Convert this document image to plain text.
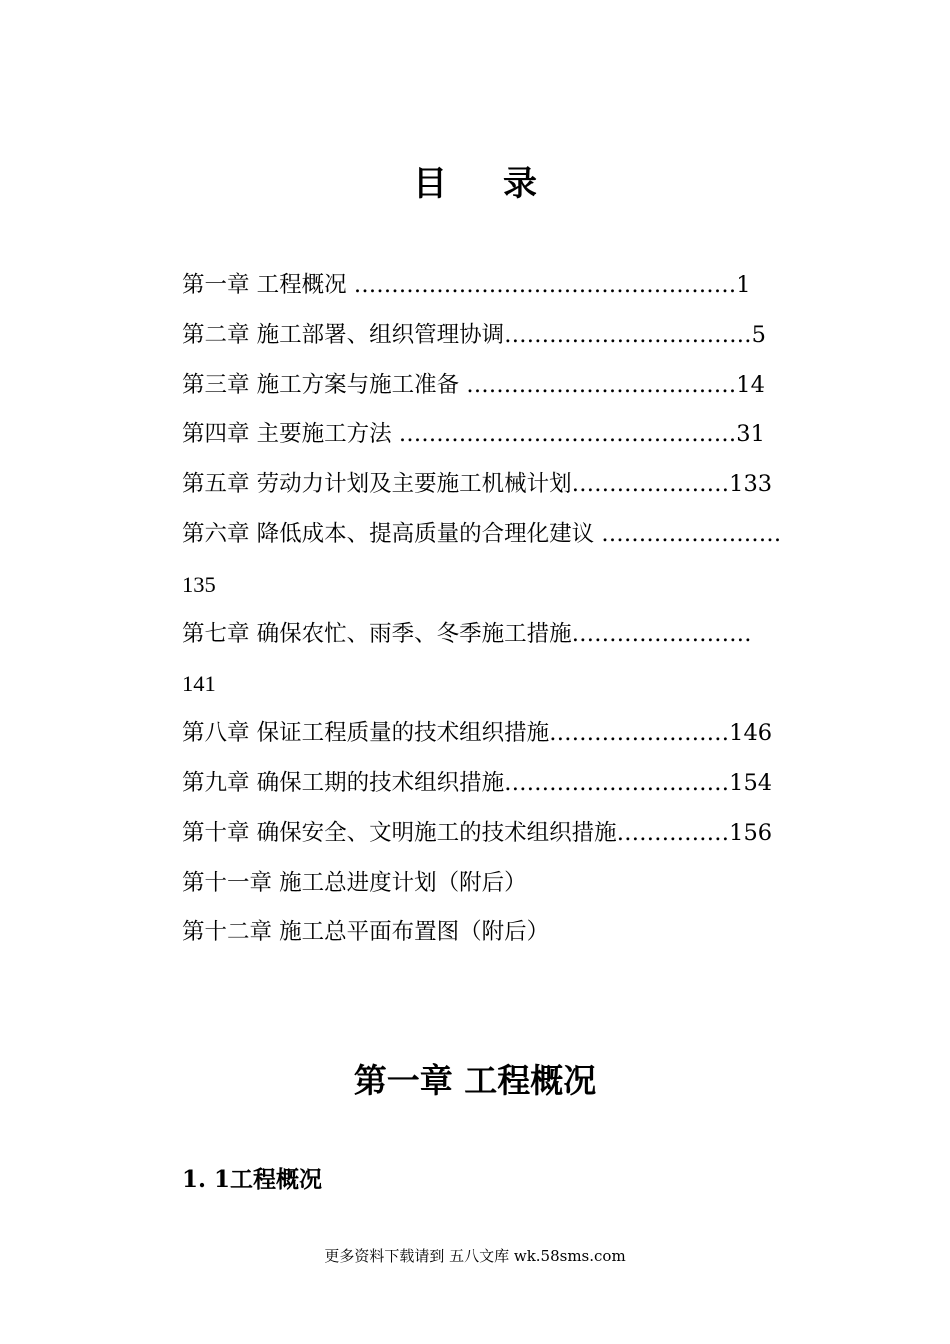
目录
第一章 工程概况 ……………………………………………1
第二章 施工部署、组织管理协调……………………………5
第三章 施工方案与施工准备 ………………………………14
第四章 主要施工方法 ………………………………………31
第五章 劳动力计划及主要施工机械计划…………………133
第六章 降低成本、提高质量的合理化建议 ……………………
135
第七章 确保农忙、雨季、冬季施工措施……………………
141
第八章 保证工程质量的技术组织措施……………………146
第九章 确保工期的技术组织措施…………………………154
第十章 确保安全、文明施工的技术组织措施……………156
第十一章 施工总进度计划（附后）
第十二章 施工总平面布置图（附后）
第一章 工程概况
1. 1工程概况
更多资料下载请到 五八文库 wk.58sms.com
